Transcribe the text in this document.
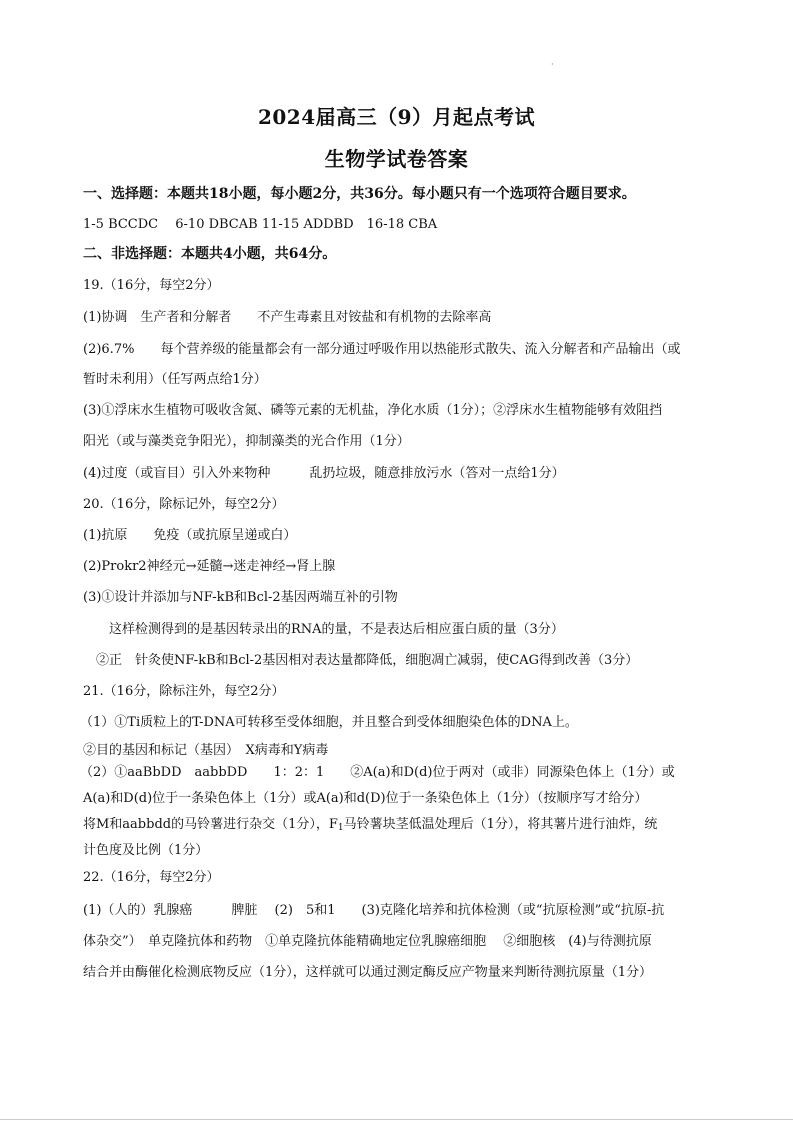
·
2024届高三（9）月起点考试
生物学试卷答案
一、选择题：本题共18小题，每小题2分，共36分。每小题只有一个选项符合题目要求。
1-5 BCCDC　 6-10 DBCAB 11-15 ADDBD　16-18 CBA
二、非选择题：本题共4小题，共64分。
19.（16分，每空2分）
(1)协调　生产者和分解者　　不产生毒素且对铵盐和有机物的去除率高
(2)6.7%　　每个营养级的能量都会有一部分通过呼吸作用以热能形式散失、流入分解者和产品输出（或
暂时未利用）（任写两点给1分）
(3)①浮床水生植物可吸收含氮、磷等元素的无机盐，净化水质（1分）；②浮床水生植物能够有效阻挡
阳光（或与藻类竞争阳光），抑制藻类的光合作用（1分）
(4)过度（或盲目）引入外来物种　　　乱扔垃圾，随意排放污水（答对一点给1分）
20.（16分，除标记外，每空2分）
(1)抗原　　免疫（或抗原呈递或白）
(2)Prokr2神经元→延髓→迷走神经→肾上腺
(3)①设计并添加与NF-kB和Bcl-2基因两端互补的引物
这样检测得到的是基因转录出的RNA的量，不是表达后相应蛋白质的量（3分）
②正　针灸使NF-kB和Bcl-2基因相对表达量都降低，细胞凋亡减弱，使CAG得到改善（3分）
21.（16分，除标注外，每空2分）
（1）①Ti质粒上的T-DNA可转移至受体细胞，并且整合到受体细胞染色体的DNA上。
②目的基因和标记（基因）　X病毒和Y病毒
（2）①aaBbDD　aabbDD　　1：2：1　　②A(a)和D(d)位于两对（或非）同源染色体上（1分）或
A(a)和D(d)位于一条染色体上（1分）或A(a)和d(D)位于一条染色体上（1分）（按顺序写才给分）
将M和aabbdd的马铃薯进行杂交（1分），$F_1$马铃薯块茎低温处理后（1分），将其薯片进行油炸，统
计色度及比例（1分）
22.（16分，每空2分）
(1)（人的）乳腺癌　　　脾脏　 (2)　5和1　　(3)克隆化培养和抗体检测（或“抗原检测”或“抗原-抗
体杂交”）　单克隆抗体和药物　①单克隆抗体能精确地定位乳腺癌细胞　 ②细胞核　(4)与待测抗原
结合并由酶催化检测底物反应（1分），这样就可以通过测定酶反应产物量来判断待测抗原量（1分）
